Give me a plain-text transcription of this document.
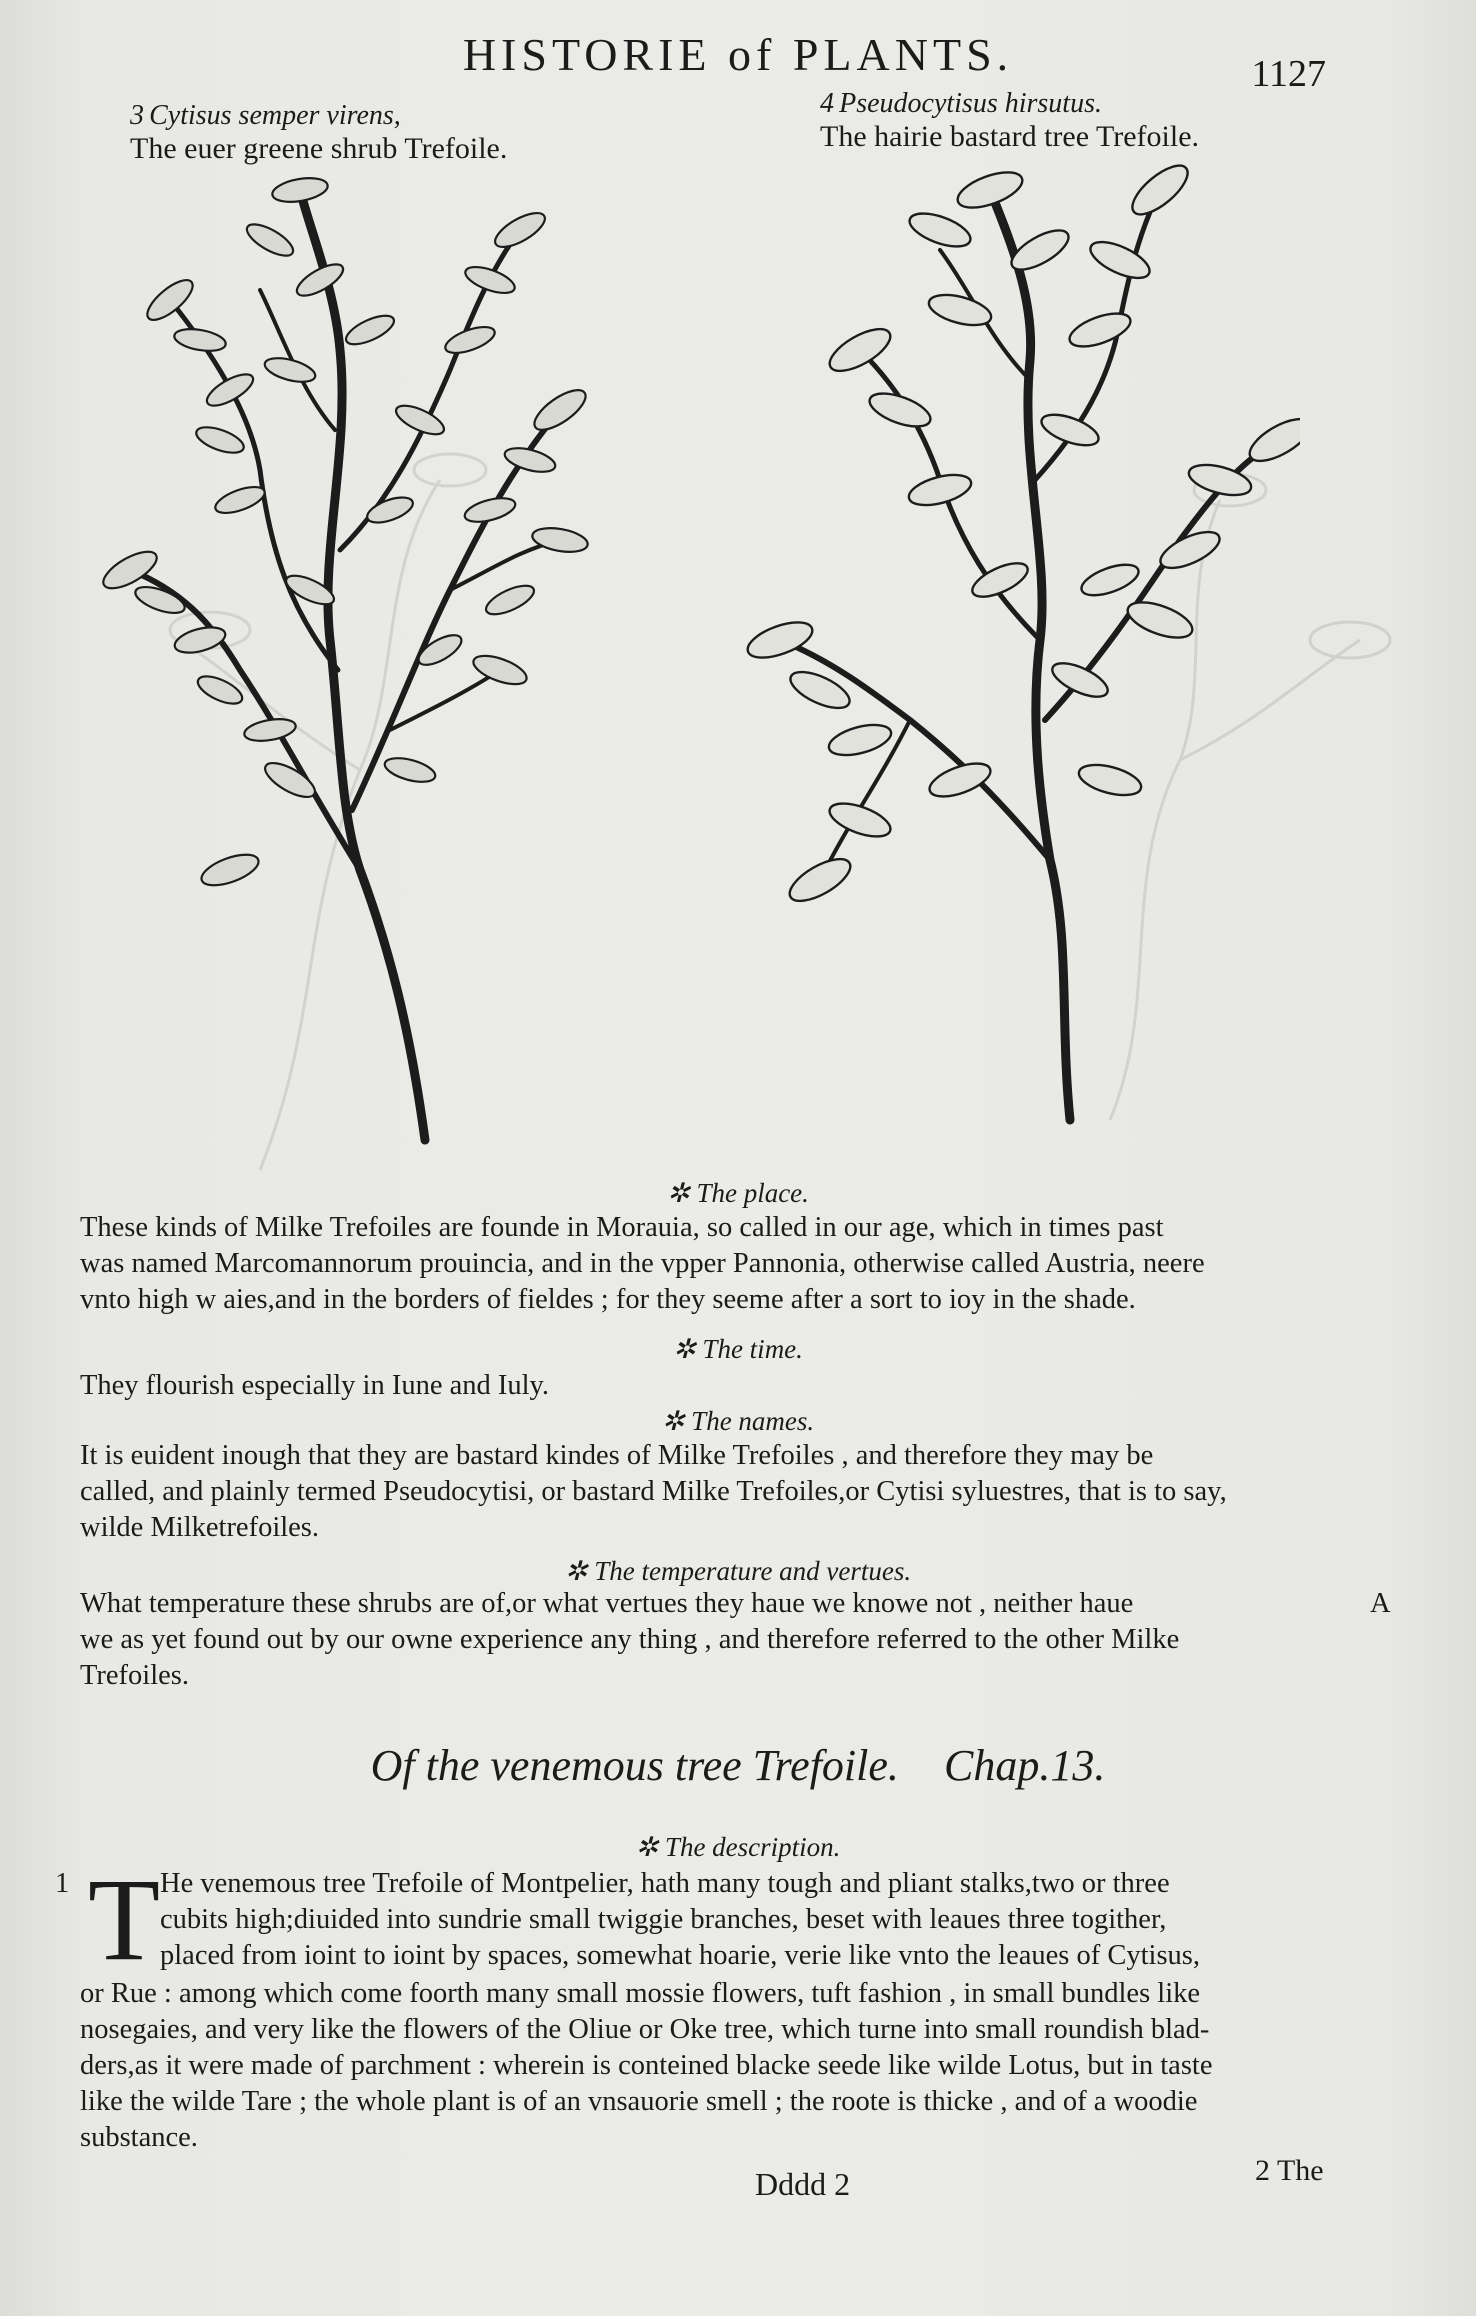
HISTORIE of PLANTS.	1127
3 Cytisus semper virens,
The euer greene shrub Trefoile.
4 Pseudocytisus hirsutus.
The hairie bastard tree Trefoile.
✲ The place.
These kinds of Milke Trefoiles are founde in Morauia, so called in our age, which in times past
was named Marcomannorum prouincia, and in the vpper Pannonia, otherwise called Austria, neere
vnto high w aies,and in the borders of fieldes ; for they seeme after a sort to ioy in the shade.
✲ The time.
They flourish especially in Iune and Iuly.
✲ The names.
It is euident inough that they are bastard kindes of Milke Trefoiles , and therefore they may be
called, and plainly termed Pseudocytisi, or bastard Milke Trefoiles,or Cytisi syluestres, that is to say,
wilde Milketrefoiles.
✲ The temperature and vertues.
What temperature these shrubs are of,or what vertues they haue we knowe not , neither haue
we as yet found out by our owne experience any thing , and therefore referred to the other Milke
Trefoiles.
A
Of the venemous tree Trefoile. Chap.13.
✲ The description.
1 T He venemous tree Trefoile of Montpelier, hath many tough and pliant stalks,two or three
cubits high;diuided into sundrie small twiggie branches, beset with leaues three togither,
placed from ioint to ioint by spaces, somewhat hoarie, verie like vnto the leaues of Cytisus,
or Rue : among which come foorth many small mossie flowers, tuft fashion , in small bundles like
nosegaies, and very like the flowers of the Oliue or Oke tree, which turne into small roundish blad-
ders,as it were made of parchment : wherein is conteined blacke seede like wilde Lotus, but in taste
like the wilde Tare ; the whole plant is of an vnsauorie smell ; the roote is thicke , and of a woodie
substance.
Dddd 2	2 The
